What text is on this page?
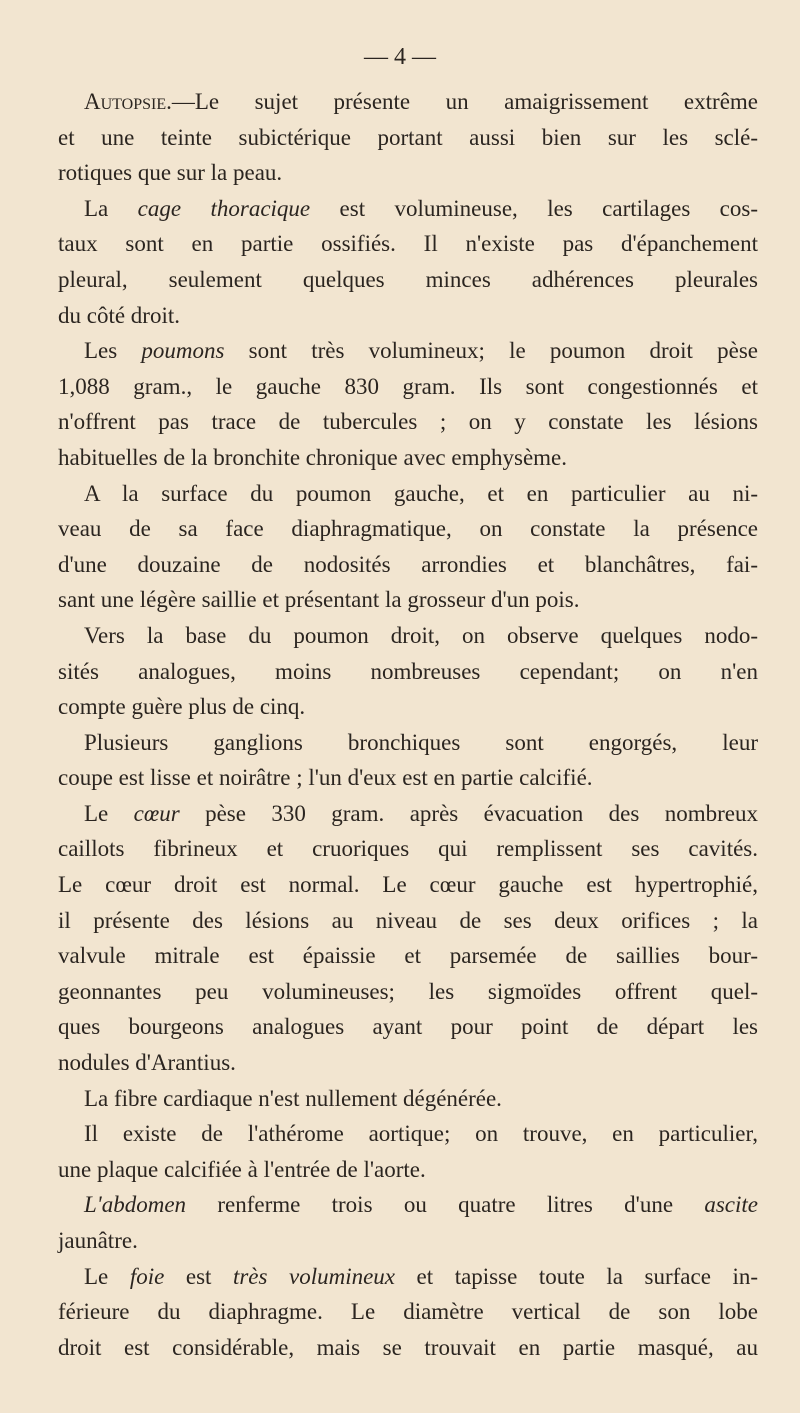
— 4 —
Autopsie.—Le sujet présente un amaigrissement extrême
et une teinte subictérique portant aussi bien sur les sclé-
rotiques que sur la peau.
La cage thoracique est volumineuse, les cartilages cos-
taux sont en partie ossifiés. Il n'existe pas d'épanchement
pleural, seulement quelques minces adhérences pleurales
du côté droit.
Les poumons sont très volumineux; le poumon droit pèse
1,088 gram., le gauche 830 gram. Ils sont congestionnés et
n'offrent pas trace de tubercules ; on y constate les lésions
habituelles de la bronchite chronique avec emphysème.
A la surface du poumon gauche, et en particulier au ni-
veau de sa face diaphragmatique, on constate la présence
d'une douzaine de nodosités arrondies et blanchâtres, fai-
sant une légère saillie et présentant la grosseur d'un pois.
Vers la base du poumon droit, on observe quelques nodo-
sités analogues, moins nombreuses cependant; on n'en
compte guère plus de cinq.
Plusieurs ganglions bronchiques sont engorgés, leur
coupe est lisse et noirâtre ; l'un d'eux est en partie calcifié.
Le cœur pèse 330 gram. après évacuation des nombreux
caillots fibrineux et cruoriques qui remplissent ses cavités.
Le cœur droit est normal. Le cœur gauche est hypertrophié,
il présente des lésions au niveau de ses deux orifices ; la
valvule mitrale est épaissie et parsemée de saillies bour-
geonnantes peu volumineuses; les sigmoïdes offrent quel-
ques bourgeons analogues ayant pour point de départ les
nodules d'Arantius.
La fibre cardiaque n'est nullement dégénérée.
Il existe de l'athérome aortique; on trouve, en particulier,
une plaque calcifiée à l'entrée de l'aorte.
L'abdomen renferme trois ou quatre litres d'une ascite
jaunâtre.
Le foie est très volumineux et tapisse toute la surface in-
férieure du diaphragme. Le diamètre vertical de son lobe
droit est considérable, mais se trouvait en partie masqué, au
